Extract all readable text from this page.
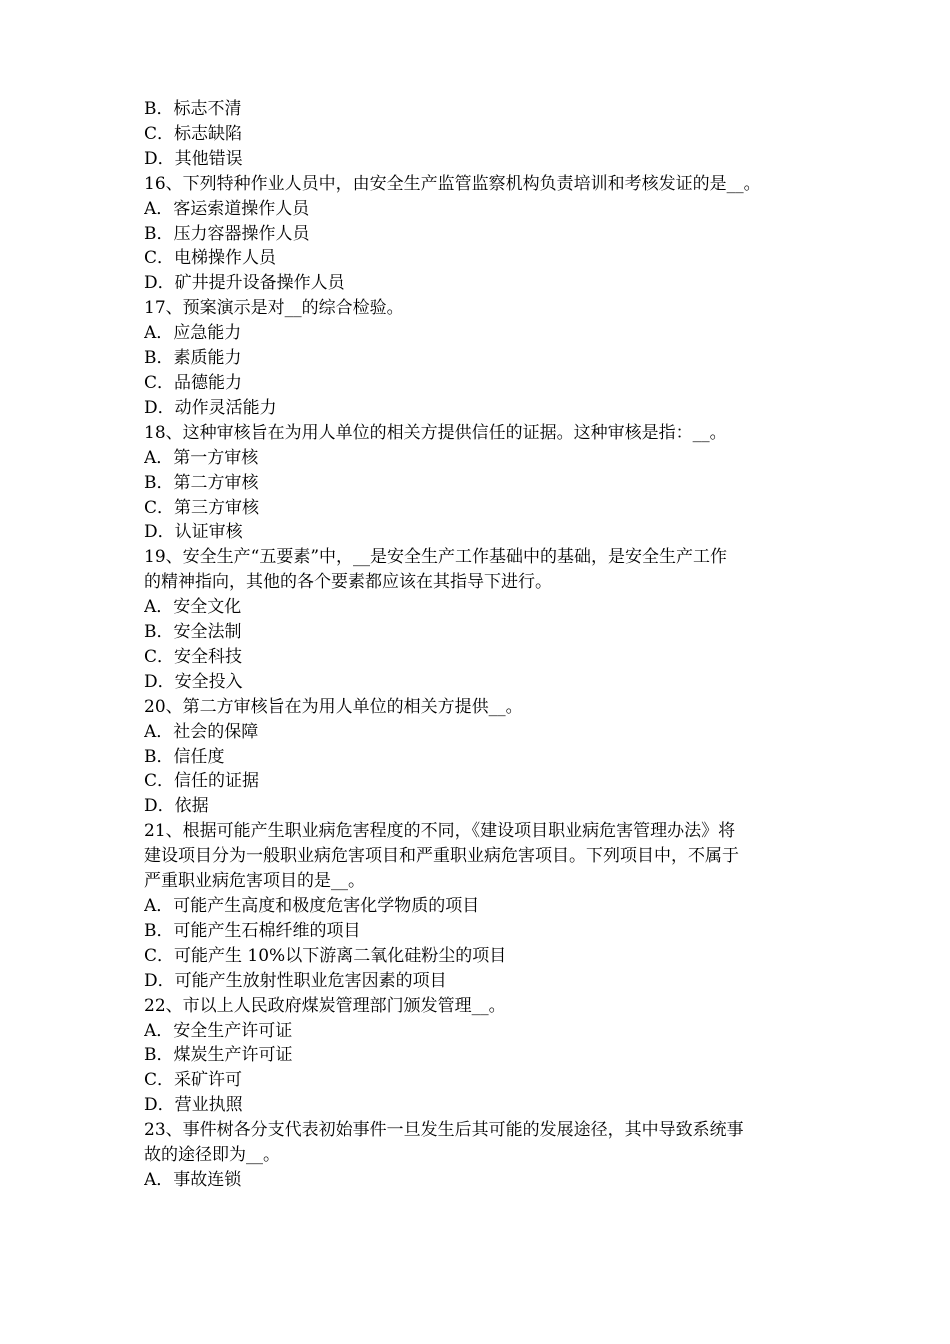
B．标志不清
C．标志缺陷
D．其他错误
16、下列特种作业人员中，由安全生产监管监察机构负责培训和考核发证的是__。
A．客运索道操作人员
B．压力容器操作人员
C．电梯操作人员
D．矿井提升设备操作人员
17、预案演示是对__的综合检验。
A．应急能力
B．素质能力
C．品德能力
D．动作灵活能力
18、这种审核旨在为用人单位的相关方提供信任的证据。这种审核是指：__。
A．第一方审核
B．第二方审核
C．第三方审核
D．认证审核
19、安全生产“五要素”中，__是安全生产工作基础中的基础，是安全生产工作
的精神指向，其他的各个要素都应该在其指导下进行。
A．安全文化
B．安全法制
C．安全科技
D．安全投入
20、第二方审核旨在为用人单位的相关方提供__。
A．社会的保障
B．信任度
C．信任的证据
D．依据
21、根据可能产生职业病危害程度的不同，《建设项目职业病危害管理办法》将
建设项目分为一般职业病危害项目和严重职业病危害项目。下列项目中，不属于
严重职业病危害项目的是__。
A．可能产生高度和极度危害化学物质的项目
B．可能产生石棉纤维的项目
C．可能产生 10%以下游离二氧化硅粉尘的项目
D．可能产生放射性职业危害因素的项目
22、市以上人民政府煤炭管理部门颁发管理__。
A．安全生产许可证
B．煤炭生产许可证
C．采矿许可
D．营业执照
23、事件树各分支代表初始事件一旦发生后其可能的发展途径，其中导致系统事
故的途径即为__。
A．事故连锁
